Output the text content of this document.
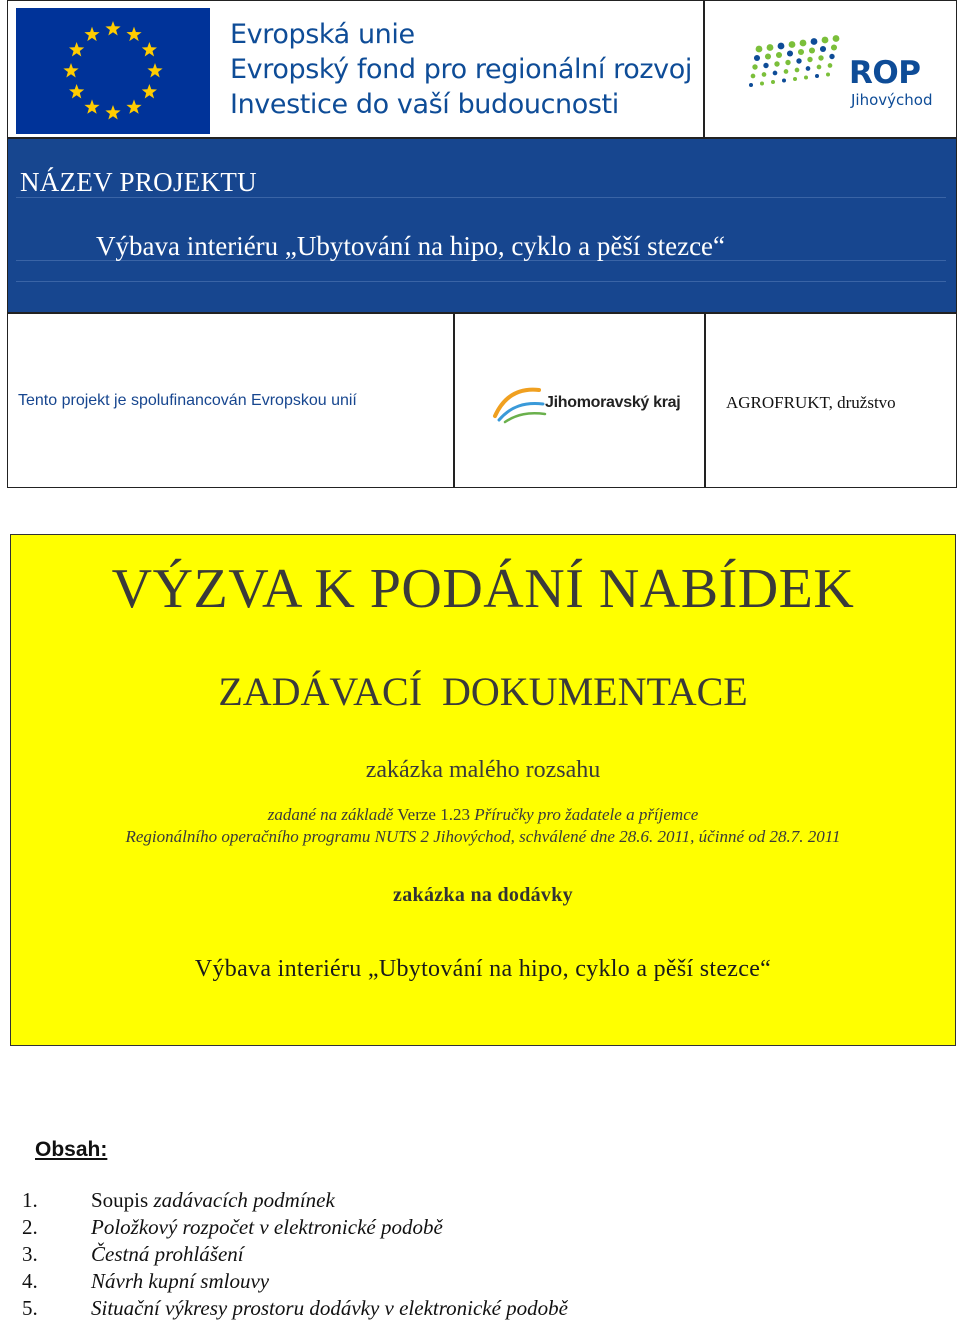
Evropská unie
Evropský fond pro regionální rozvoj
Investice do vaší budoucnosti
ROP
Jihovýchod
NÁZEV PROJEKTU
Výbava interiéru „Ubytování na hipo, cyklo a pěší stezce“
Tento projekt je spolufinancován Evropskou unií	Jihomoravský kraj	AGROFRUKT, družstvo
VÝZVA K PODÁNÍ NABÍDEK
ZADÁVACÍ  DOKUMENTACE
zakázka malého rozsahu
zadané na základě Verze 1.23 Příručky pro žadatele a příjemce
Regionálního operačního programu NUTS 2 Jihovýchod, schválené dne 28.6. 2011, účinné od 28.7. 2011
zakázka na dodávky
Výbava interiéru „Ubytování na hipo, cyklo a pěší stezce“
Obsah:
1.	Soupis zadávacích podmínek
2.	Položkový rozpočet v elektronické podobě
3.	Čestná prohlášení
4.	Návrh kupní smlouvy
5.	Situační výkresy prostoru dodávky v elektronické podobě
